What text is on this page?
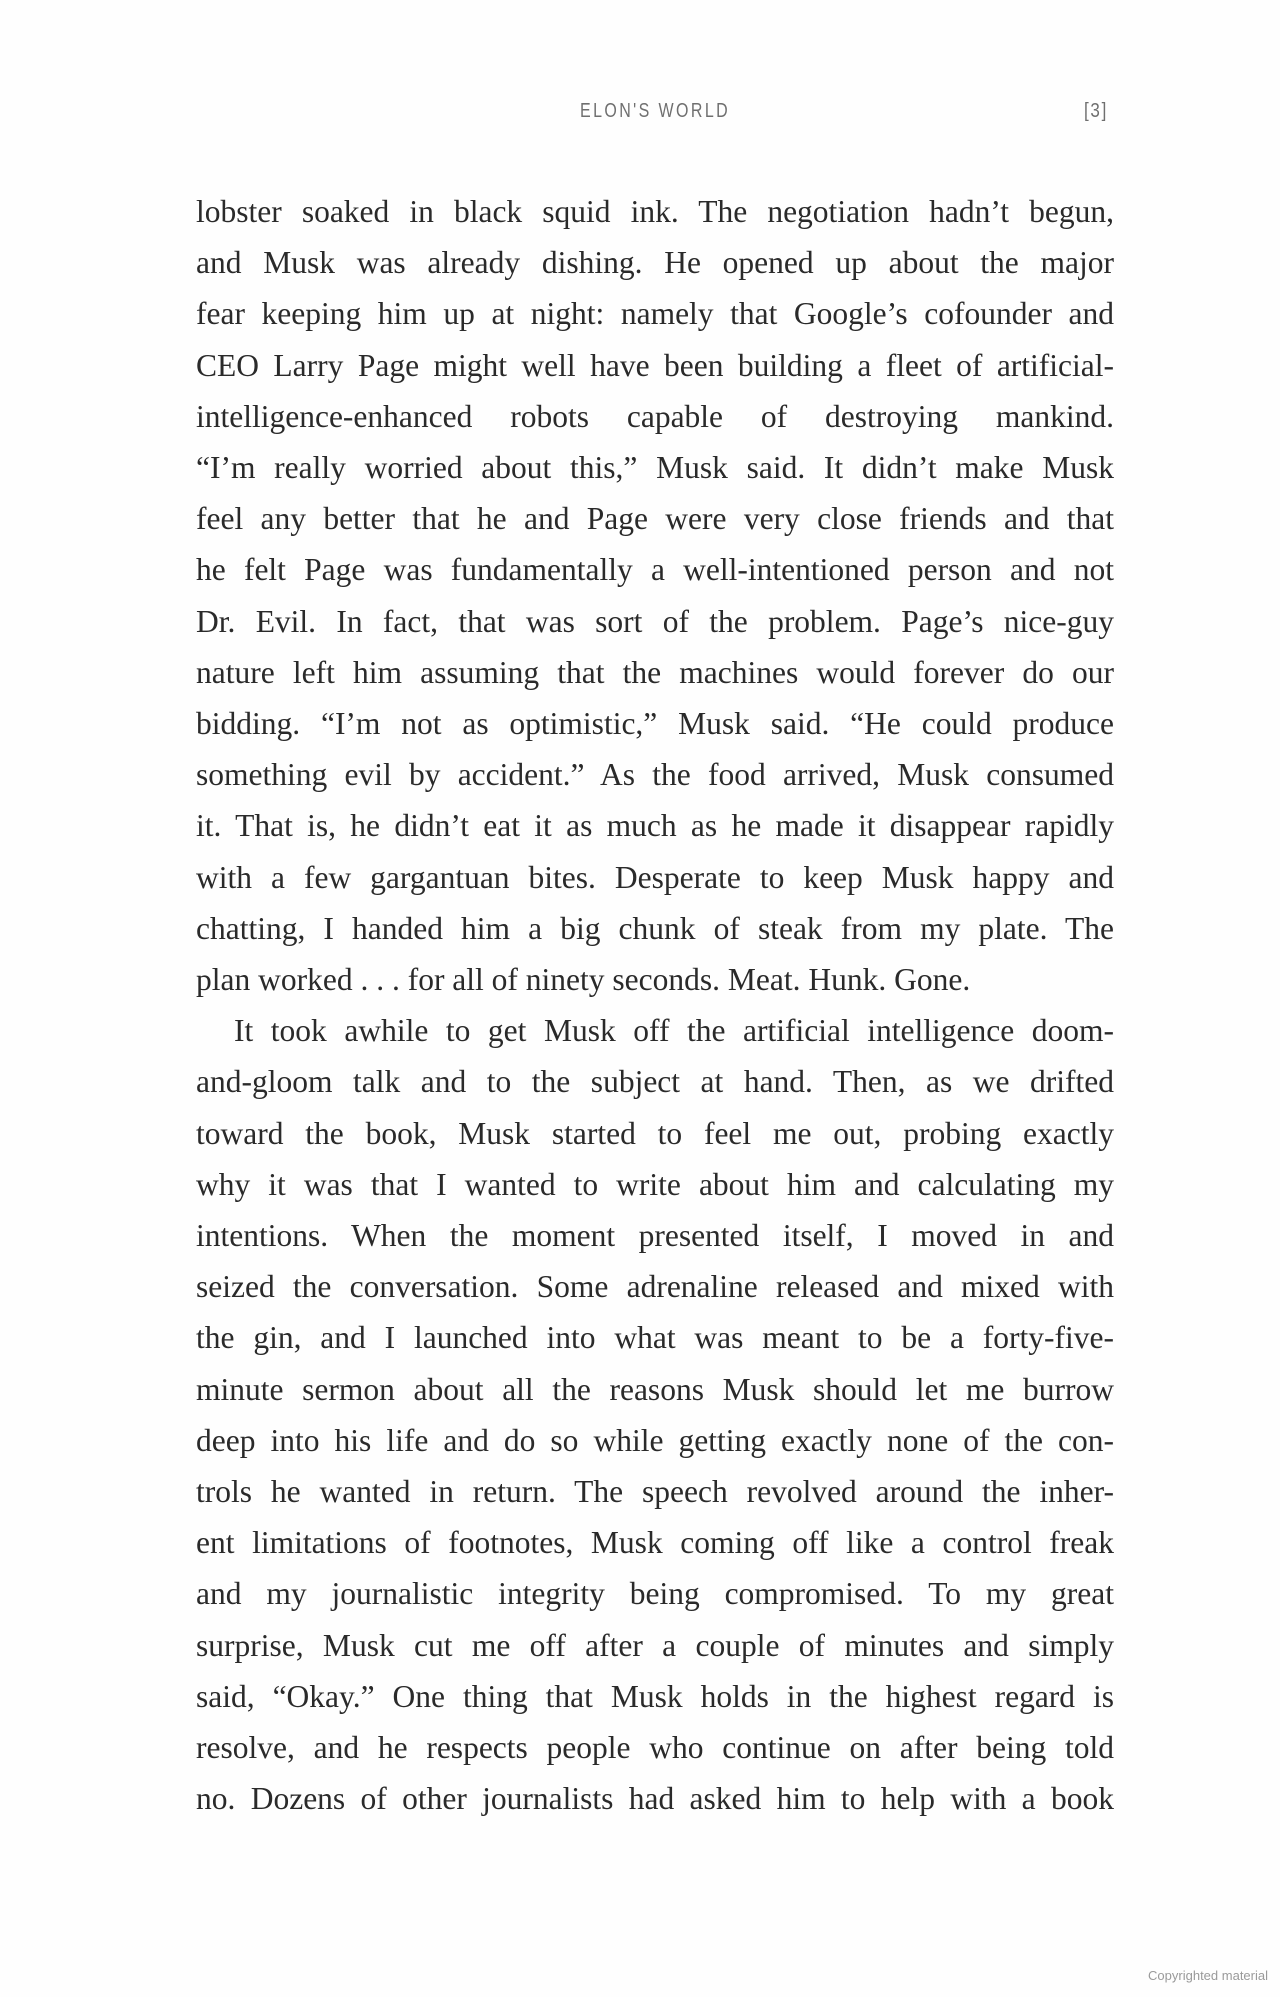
ELON'S WORLD	[3]
lobster soaked in black squid ink. The negotiation hadn’t begun,
and Musk was already dishing. He opened up about the major
fear keeping him up at night: namely that Google’s cofounder and
CEO Larry Page might well have been building a fleet of artificial-
intelligence-enhanced robots capable of destroying mankind.
“I’m really worried about this,” Musk said. It didn’t make Musk
feel any better that he and Page were very close friends and that
he felt Page was fundamentally a well-intentioned person and not
Dr. Evil. In fact, that was sort of the problem. Page’s nice-guy
nature left him assuming that the machines would forever do our
bidding. “I’m not as optimistic,” Musk said. “He could produce
something evil by accident.” As the food arrived, Musk consumed
it. That is, he didn’t eat it as much as he made it disappear rapidly
with a few gargantuan bites. Desperate to keep Musk happy and
chatting, I handed him a big chunk of steak from my plate. The
plan worked . . . for all of ninety seconds. Meat. Hunk. Gone.
It took awhile to get Musk off the artificial intelligence doom-
and-gloom talk and to the subject at hand. Then, as we drifted
toward the book, Musk started to feel me out, probing exactly
why it was that I wanted to write about him and calculating my
intentions. When the moment presented itself, I moved in and
seized the conversation. Some adrenaline released and mixed with
the gin, and I launched into what was meant to be a forty-five-
minute sermon about all the reasons Musk should let me burrow
deep into his life and do so while getting exactly none of the con-
trols he wanted in return. The speech revolved around the inher-
ent limitations of footnotes, Musk coming off like a control freak
and my journalistic integrity being compromised. To my great
surprise, Musk cut me off after a couple of minutes and simply
said, “Okay.” One thing that Musk holds in the highest regard is
resolve, and he respects people who continue on after being told
no. Dozens of other journalists had asked him to help with a book
Copyrighted material
